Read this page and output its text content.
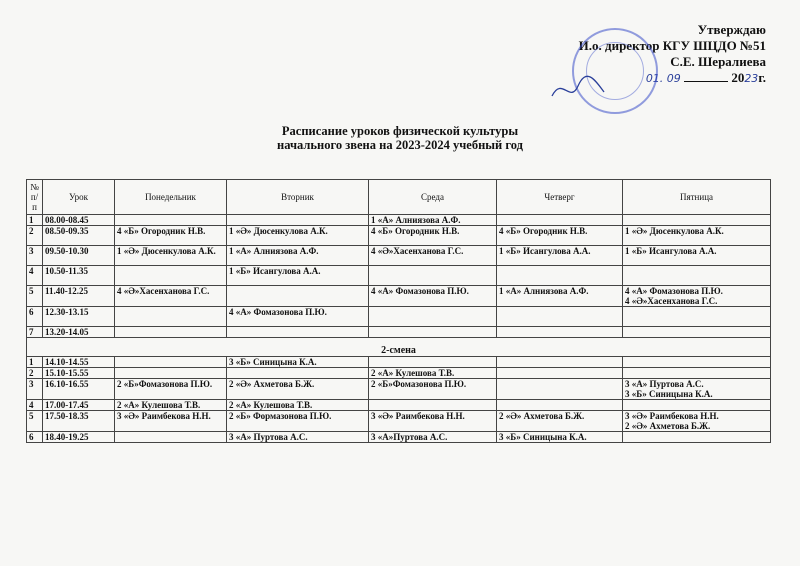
Утверждаю
И.о. директор КГУ ШЦДО №51
С.Е. Шералиева
01. 09	2023г.
Расписание уроков физической культуры
начального звена на 2023-2024 учебный год
№ п/п	Урок	Понедельник	Вторник	Среда	Четверг	Пятница
1	08.00-08.45			1 «А» Алниязова А.Ф.		
2	08.50-09.35	4 «Б» Огородник Н.В.	1 «Ә» Дюсенкулова А.К.	4 «Б» Огородник Н.В.	4 «Б» Огородник Н.В.	1 «Ә» Дюсенкулова А.К.
3	09.50-10.30	1 «Ә» Дюсенкулова А.К.	1 «А» Алниязова А.Ф.	4 «Ә»Хасенханова Г.С.	1 «Б» Исангулова А.А.	1 «Б» Исангулова А.А.
4	10.50-11.35		1 «Б» Исангулова А.А.			
5	11.40-12.25	4 «Ә»Хасенханова Г.С.		4 «А» Фомазонова П.Ю.	1 «А» Алниязова А.Ф.	4 «А» Фомазонова П.Ю.
4 «Ә»Хасенханова Г.С.
6	12.30-13.15		4 «А» Фомазонова П.Ю.			
7	13.20-14.05					
2-смена						
1	14.10-14.55		3 «Б» Синицына К.А.			
2	15.10-15.55			2 «А» Кулешова Т.В.		
3	16.10-16.55	2 «Б»Фомазонова П.Ю.	2 «Ә» Ахметова Б.Ж.	2 «Б»Фомазонова П.Ю.		3 «А» Пуртова А.С.
3 «Б» Синицына К.А.
4	17.00-17.45	2 «А» Кулешова Т.В.	2 «А» Кулешова Т.В.			
5	17.50-18.35	3 «Ә» Раимбекова Н.Н.	2 «Б» Формазонова П.Ю.	3 «Ә» Раимбекова Н.Н.	2 «Ә» Ахметова Б.Ж.	3 «Ә» Раимбекова Н.Н.
2 «Ә» Ахметова Б.Ж.
6	18.40-19.25		3 «А» Пуртова А.С.	3 «А»Пуртова А.С.	3 «Б» Синицына К.А.	
